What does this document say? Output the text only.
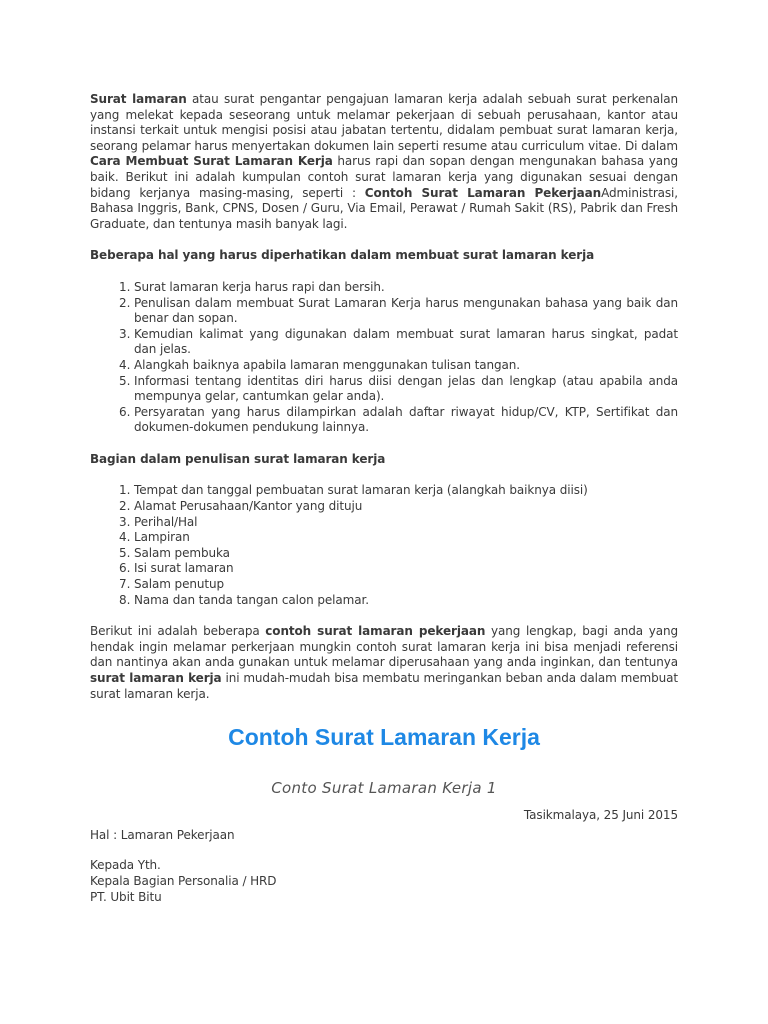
Surat lamaran atau surat pengantar pengajuan lamaran kerja adalah sebuah surat perkenalan yang melekat kepada seseorang untuk melamar pekerjaan di sebuah perusahaan, kantor atau instansi terkait untuk mengisi posisi atau jabatan tertentu, didalam pembuat surat lamaran kerja, seorang pelamar harus menyertakan dokumen lain seperti resume atau curriculum vitae. Di dalam Cara Membuat Surat Lamaran Kerja harus rapi dan sopan dengan mengunakan bahasa yang baik. Berikut ini adalah kumpulan contoh surat lamaran kerja yang digunakan sesuai dengan bidang kerjanya masing-masing, seperti : Contoh Surat Lamaran PekerjaanAdministrasi, Bahasa Inggris, Bank, CPNS, Dosen / Guru, Via Email, Perawat / Rumah Sakit (RS), Pabrik dan Fresh Graduate, dan tentunya masih banyak lagi.

Beberapa hal yang harus diperhatikan dalam membuat surat lamaran kerja

1. Surat lamaran kerja harus rapi dan bersih.
2. Penulisan dalam membuat Surat Lamaran Kerja harus mengunakan bahasa yang baik dan benar dan sopan.
3. Kemudian kalimat yang digunakan dalam membuat surat lamaran harus singkat, padat dan jelas.
4. Alangkah baiknya apabila lamaran menggunakan tulisan tangan.
5. Informasi tentang identitas diri harus diisi dengan jelas dan lengkap (atau apabila anda mempunya gelar, cantumkan gelar anda).
6. Persyaratan yang harus dilampirkan adalah daftar riwayat hidup/CV, KTP, Sertifikat dan dokumen-dokumen pendukung lainnya.

Bagian dalam penulisan surat lamaran kerja

1. Tempat dan tanggal pembuatan surat lamaran kerja (alangkah baiknya diisi)
2. Alamat Perusahaan/Kantor yang dituju
3. Perihal/Hal
4. Lampiran
5. Salam pembuka
6. Isi surat lamaran
7. Salam penutup
8. Nama dan tanda tangan calon pelamar.

Berikut ini adalah beberapa contoh surat lamaran pekerjaan yang lengkap, bagi anda yang hendak ingin melamar perkerjaan mungkin contoh surat lamaran kerja ini bisa menjadi referensi dan nantinya akan anda gunakan untuk melamar diperusahaan yang anda inginkan, dan tentunya surat lamaran kerja ini mudah-mudah bisa membatu meringankan beban anda dalam membuat surat lamaran kerja.

Contoh Surat Lamaran Kerja
Conto Surat Lamaran Kerja 1
Tasikmalaya, 25 Juni 2015
Hal : Lamaran Pekerjaan
Kepada Yth.
Kepala Bagian Personalia / HRD
PT. Ubit Bitu
